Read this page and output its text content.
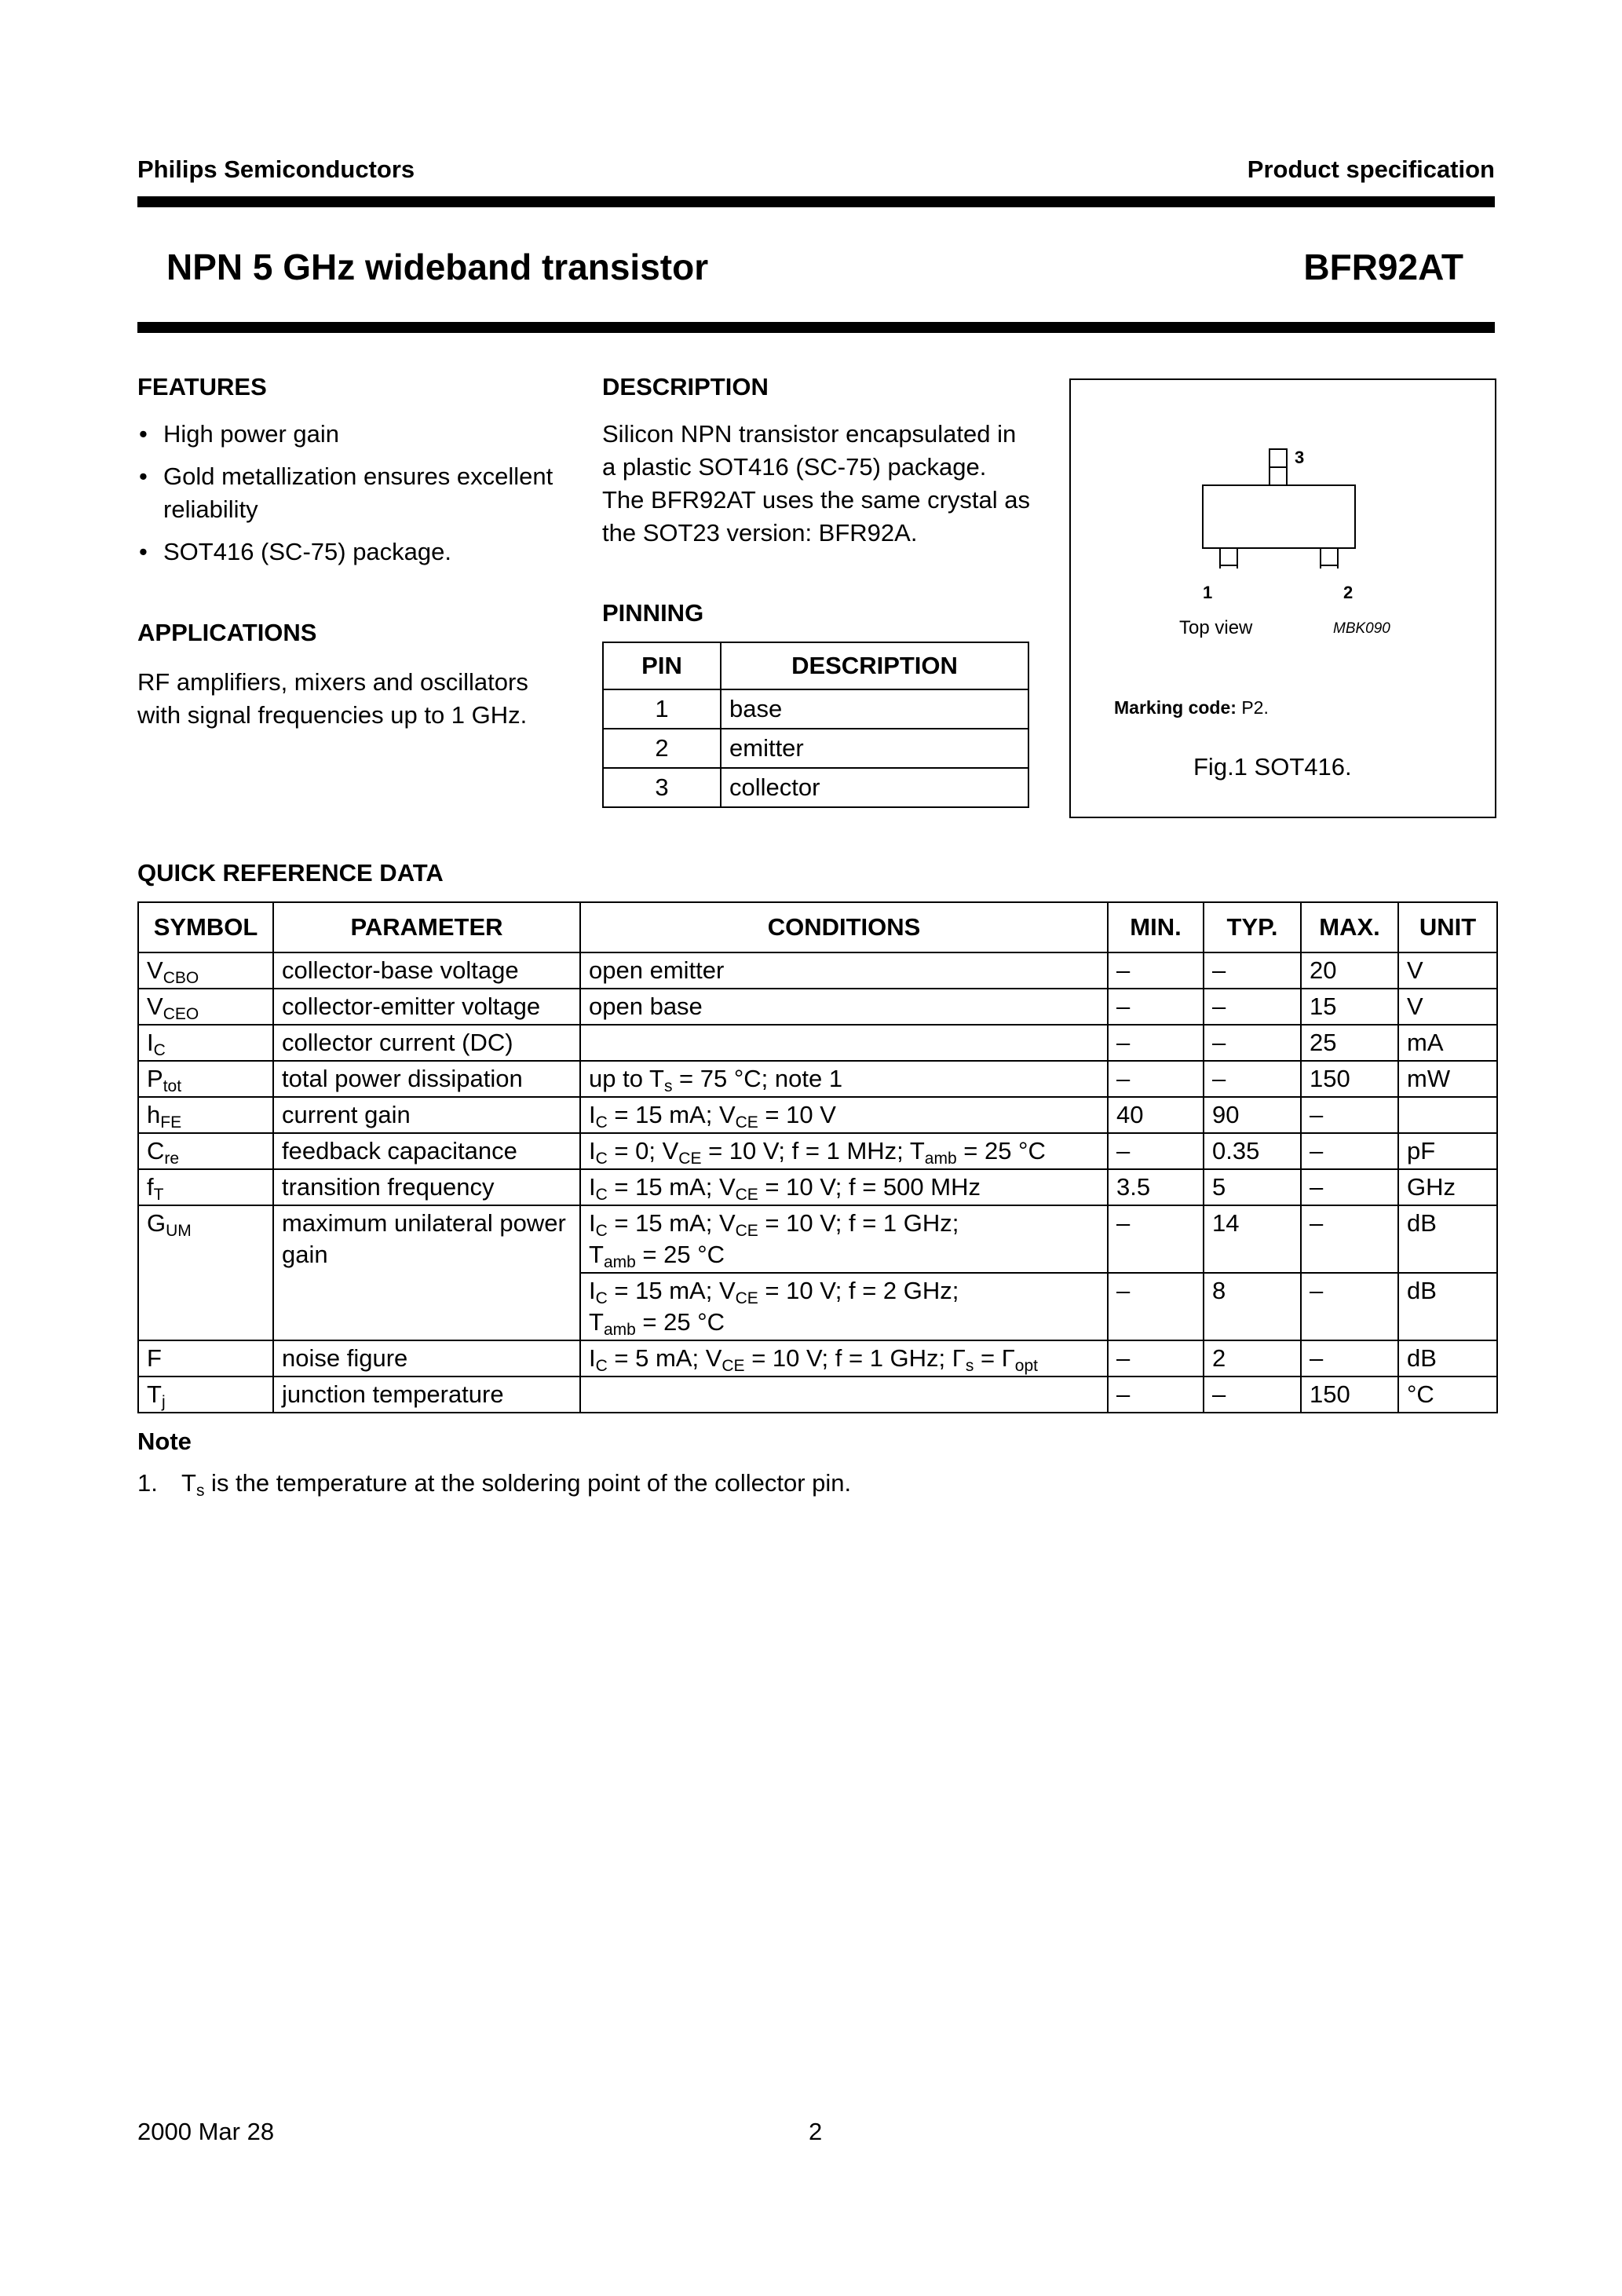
Philips Semiconductors	Product specification
NPN 5 GHz wideband transistor	BFR92AT
FEATURES
• High power gain
• Gold metallization ensures excellent reliability
• SOT416 (SC-75) package.
APPLICATIONS
RF amplifiers, mixers and oscillators with signal frequencies up to 1 GHz.
DESCRIPTION
Silicon NPN transistor encapsulated in a plastic SOT416 (SC-75) package. The BFR92AT uses the same crystal as the SOT23 version: BFR92A.
PINNING
PIN	DESCRIPTION
1	base
2	emitter
3	collector
3
1	2
Top view	MBK090
Marking code: P2.
Fig.1 SOT416.
QUICK REFERENCE DATA
SYMBOL	PARAMETER	CONDITIONS	MIN.	TYP.	MAX.	UNIT
$V_{CBO}$	collector-base voltage	open emitter	–	–	20	V
$V_{CEO}$	collector-emitter voltage	open base	–	–	15	V
$I_C$	collector current (DC)		–	–	25	mA
$P_{tot}$	total power dissipation	up to $T_s = 75$ °C; note 1	–	–	150	mW
$h_{FE}$	current gain	$I_C = 15$ mA; $V_{CE} = 10$ V	40	90	–	
$C_{re}$	feedback capacitance	$I_C = 0$; $V_{CE} = 10$ V; f = 1 MHz; $T_{amb} = 25$ °C	–	0.35	–	pF
$f_T$	transition frequency	$I_C = 15$ mA; $V_{CE} = 10$ V; f = 500 MHz	3.5	5	–	GHz
$G_{UM}$	maximum unilateral power gain	$I_C = 15$ mA; $V_{CE} = 10$ V; f = 1 GHz;
$T_{amb} = 25$ °C	–	14	–	dB
		$I_C = 15$ mA; $V_{CE} = 10$ V; f = 2 GHz;
$T_{amb} = 25$ °C	–	8	–	dB
F	noise figure	$I_C = 5$ mA; $V_{CE} = 10$ V; f = 1 GHz; $\Gamma_s = \Gamma_{opt}$	–	2	–	dB
$T_j$	junction temperature		–	–	150	°C
Note
1. $T_s$ is the temperature at the soldering point of the collector pin.
2000 Mar 28	2
